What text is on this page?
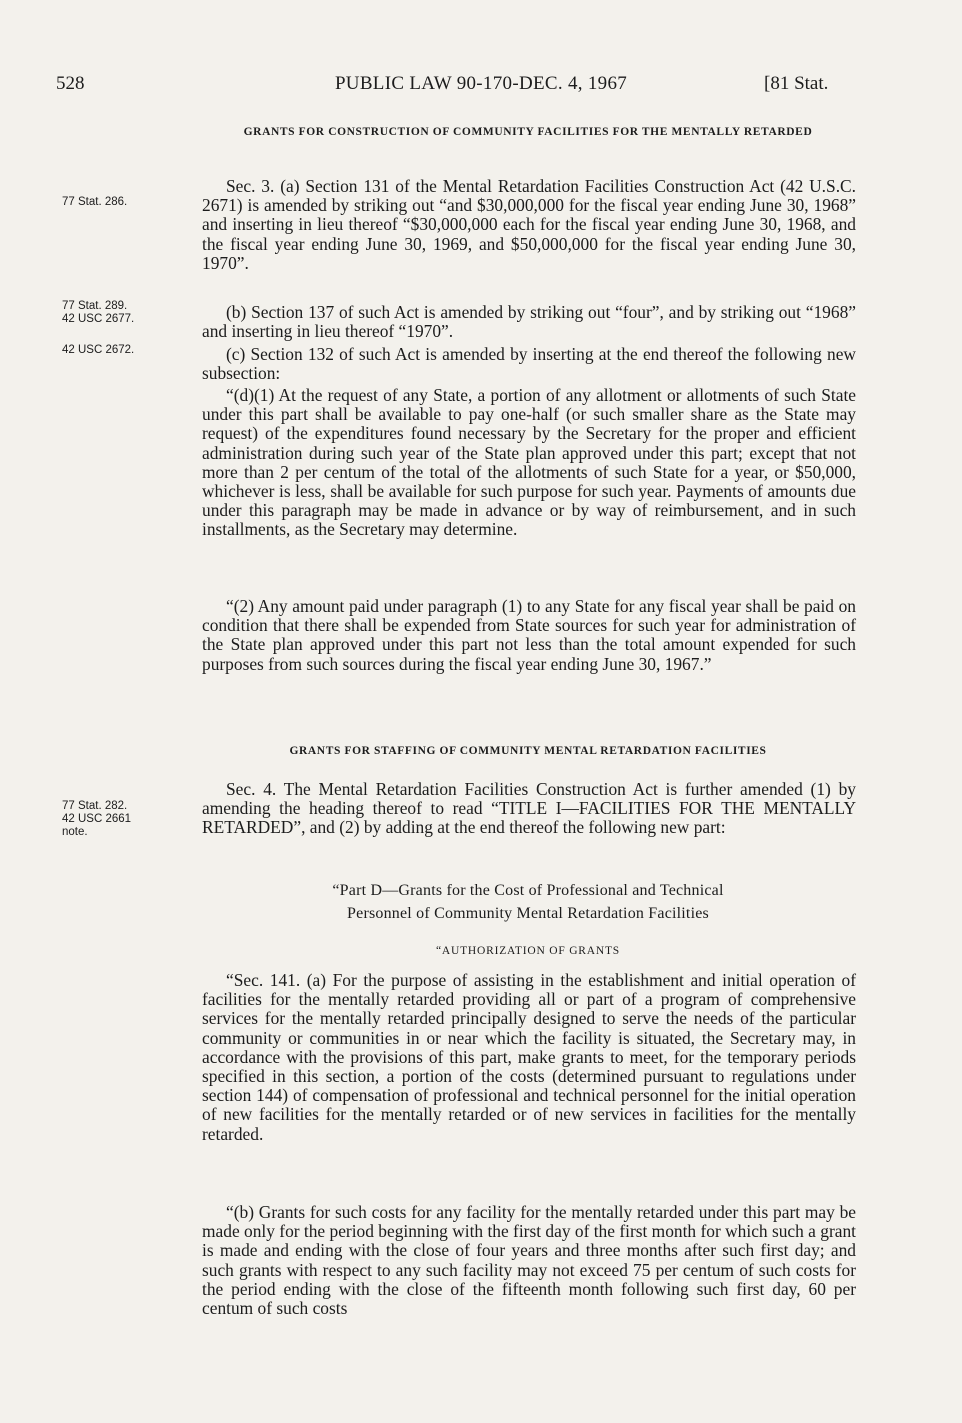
528	PUBLIC LAW 90-170-DEC. 4, 1967	[81 Stat.
77 Stat. 286.
77 Stat. 289.
42 USC 2677.
42 USC 2672.
77 Stat. 282.
42 USC 2661
note.
GRANTS FOR CONSTRUCTION OF COMMUNITY FACILITIES FOR THE MENTALLY RETARDED

Sec. 3. (a) Section 131 of the Mental Retardation Facilities Construction Act (42 U.S.C. 2671) is amended by striking out “and $30,000,000 for the fiscal year ending June 30, 1968” and inserting in lieu thereof “$30,000,000 each for the fiscal year ending June 30, 1968, and the fiscal year ending June 30, 1969, and $50,000,000 for the fiscal year ending June 30, 1970”.

(b) Section 137 of such Act is amended by striking out “four”, and by striking out “1968” and inserting in lieu thereof “1970”.

(c) Section 132 of such Act is amended by inserting at the end thereof the following new subsection:

“(d)(1) At the request of any State, a portion of any allotment or allotments of such State under this part shall be available to pay one-half (or such smaller share as the State may request) of the expenditures found necessary by the Secretary for the proper and efficient administration during such year of the State plan approved under this part; except that not more than 2 per centum of the total of the allotments of such State for a year, or $50,000, whichever is less, shall be available for such purpose for such year. Payments of amounts due under this paragraph may be made in advance or by way of reimbursement, and in such installments, as the Secretary may determine.

“(2) Any amount paid under paragraph (1) to any State for any fiscal year shall be paid on condition that there shall be expended from State sources for such year for administration of the State plan approved under this part not less than the total amount expended for such purposes from such sources during the fiscal year ending June 30, 1967.”

GRANTS FOR STAFFING OF COMMUNITY MENTAL RETARDATION FACILITIES

Sec. 4. The Mental Retardation Facilities Construction Act is further amended (1) by amending the heading thereof to read “TITLE I—FACILITIES FOR THE MENTALLY RETARDED”, and (2) by adding at the end thereof the following new part:

“Part D—Grants for the Cost of Professional and Technical
Personnel of Community Mental Retardation Facilities
“AUTHORIZATION OF GRANTS

“Sec. 141. (a) For the purpose of assisting in the establishment and initial operation of facilities for the mentally retarded providing all or part of a program of comprehensive services for the mentally retarded principally designed to serve the needs of the particular community or communities in or near which the facility is situated, the Secretary may, in accordance with the provisions of this part, make grants to meet, for the temporary periods specified in this section, a portion of the costs (determined pursuant to regulations under section 144) of compensation of professional and technical personnel for the initial operation of new facilities for the mentally retarded or of new services in facilities for the mentally retarded.

“(b) Grants for such costs for any facility for the mentally retarded under this part may be made only for the period beginning with the first day of the first month for which such a grant is made and ending with the close of four years and three months after such first day; and such grants with respect to any such facility may not exceed 75 per centum of such costs for the period ending with the close of the fifteenth month following such first day, 60 per centum of such costs
